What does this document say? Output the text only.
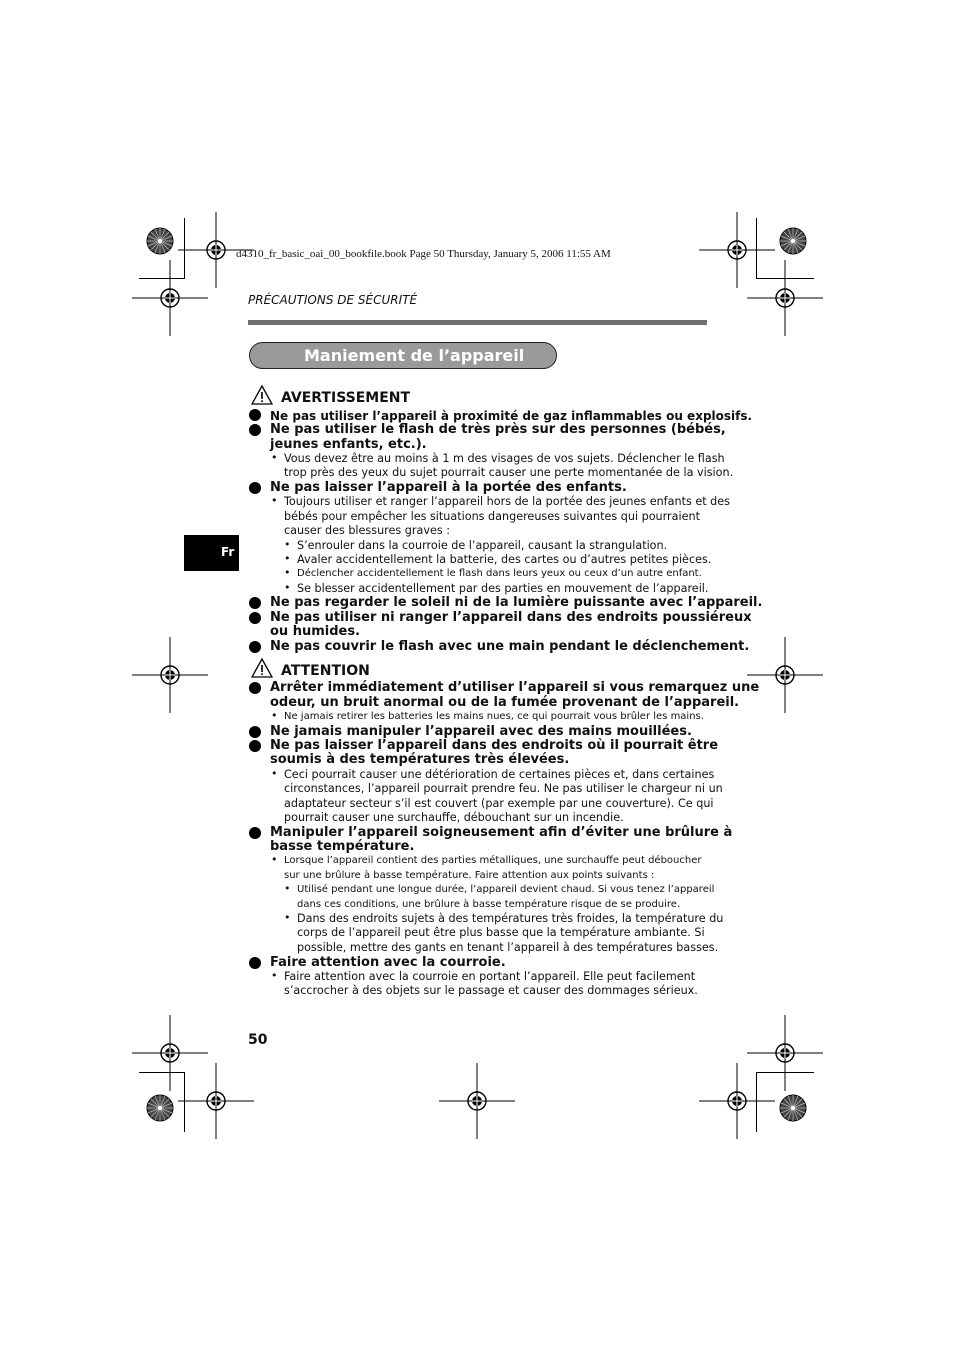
d4310_fr_basic_oai_00_bookfile.book Page 50 Thursday, January 5, 2006 11:55 AM
PRÉCAUTIONS DE SÉCURITÉ
Maniement de l’appareil
Fr
AVERTISSEMENT
Ne pas utiliser l’appareil à proximité de gaz inflammables ou explosifs.
Ne pas utiliser le flash de très près sur des personnes (bébés,
jeunes enfants, etc.).
• Vous devez être au moins à 1 m des visages de vos sujets. Déclencher le flash
trop près des yeux du sujet pourrait causer une perte momentanée de la vision.
Ne pas laisser l’appareil à la portée des enfants.
• Toujours utiliser et ranger l’appareil hors de la portée des jeunes enfants et des
bébés pour empêcher les situations dangereuses suivantes qui pourraient
causer des blessures graves :
• S’enrouler dans la courroie de l’appareil, causant la strangulation.
• Avaler accidentellement la batterie, des cartes ou d’autres petites pièces.
• Déclencher accidentellement le flash dans leurs yeux ou ceux d’un autre enfant.
• Se blesser accidentellement par des parties en mouvement de l’appareil.
Ne pas regarder le soleil ni de la lumière puissante avec l’appareil.
Ne pas utiliser ni ranger l’appareil dans des endroits poussiéreux
ou humides.
Ne pas couvrir le flash avec une main pendant le déclenchement.
ATTENTION
Arrêter immédiatement d’utiliser l’appareil si vous remarquez une
odeur, un bruit anormal ou de la fumée provenant de l’appareil.
• Ne jamais retirer les batteries les mains nues, ce qui pourrait vous brûler les mains.
Ne jamais manipuler l’appareil avec des mains mouillées.
Ne pas laisser l’appareil dans des endroits où il pourrait être
soumis à des températures très élevées.
• Ceci pourrait causer une détérioration de certaines pièces et, dans certaines
circonstances, l’appareil pourrait prendre feu. Ne pas utiliser le chargeur ni un
adaptateur secteur s’il est couvert (par exemple par une couverture). Ce qui
pourrait causer une surchauffe, débouchant sur un incendie.
Manipuler l’appareil soigneusement afin d’éviter une brûlure à
basse température.
• Lorsque l’appareil contient des parties métalliques, une surchauffe peut déboucher
sur une brûlure à basse température. Faire attention aux points suivants :
• Utilisé pendant une longue durée, l’appareil devient chaud. Si vous tenez l’appareil
dans ces conditions, une brûlure à basse température risque de se produire.
• Dans des endroits sujets à des températures très froides, la température du
corps de l’appareil peut être plus basse que la température ambiante. Si
possible, mettre des gants en tenant l’appareil à des températures basses.
Faire attention avec la courroie.
• Faire attention avec la courroie en portant l’appareil. Elle peut facilement
s’accrocher à des objets sur le passage et causer des dommages sérieux.
50
